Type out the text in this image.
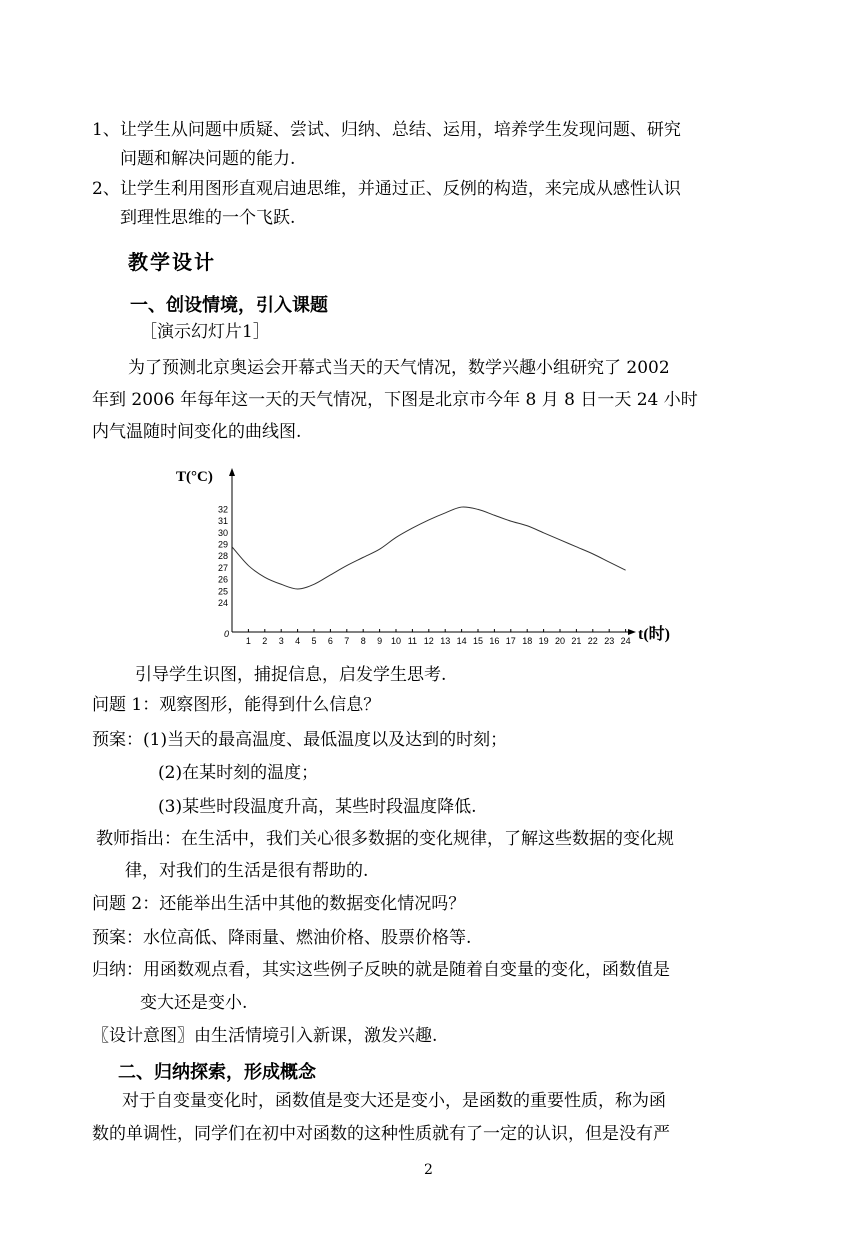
1、让学生从问题中质疑、尝试、归纳、总结、运用，培养学生发现问题、研究
问题和解决问题的能力.
2、让学生利用图形直观启迪思维，并通过正、反例的构造，来完成从感性认识
到理性思维的一个飞跃.
教学设计
一、创设情境，引入课题
［演示幻灯片1］
为了预测北京奥运会开幕式当天的天气情况，数学兴趣小组研究了 2002
年到 2006 年每年这一天的天气情况，下图是北京市今年 8 月 8 日一天 24 小时
内气温随时间变化的曲线图.
T(°C)
t(时)
0
1 2 3 4 5 6 7 8 9 10 11 12 13 14 15 16 17 18 19 20 21 22 23 24
24
25
26
27
28
29
30
31
32
引导学生识图，捕捉信息，启发学生思考.
问题 1：观察图形，能得到什么信息？
预案：(1)当天的最高温度、最低温度以及达到的时刻；
(2)在某时刻的温度；
(3)某些时段温度升高，某些时段温度降低.
教师指出：在生活中，我们关心很多数据的变化规律，了解这些数据的变化规
律，对我们的生活是很有帮助的.
问题 2：还能举出生活中其他的数据变化情况吗？
预案：水位高低、降雨量、燃油价格、股票价格等.
归纳：用函数观点看，其实这些例子反映的就是随着自变量的变化，函数值是
变大还是变小.
〖设计意图〗由生活情境引入新课，激发兴趣.
二、归纳探索，形成概念
对于自变量变化时，函数值是变大还是变小，是函数的重要性质，称为函
数的单调性，同学们在初中对函数的这种性质就有了一定的认识，但是没有严
2
